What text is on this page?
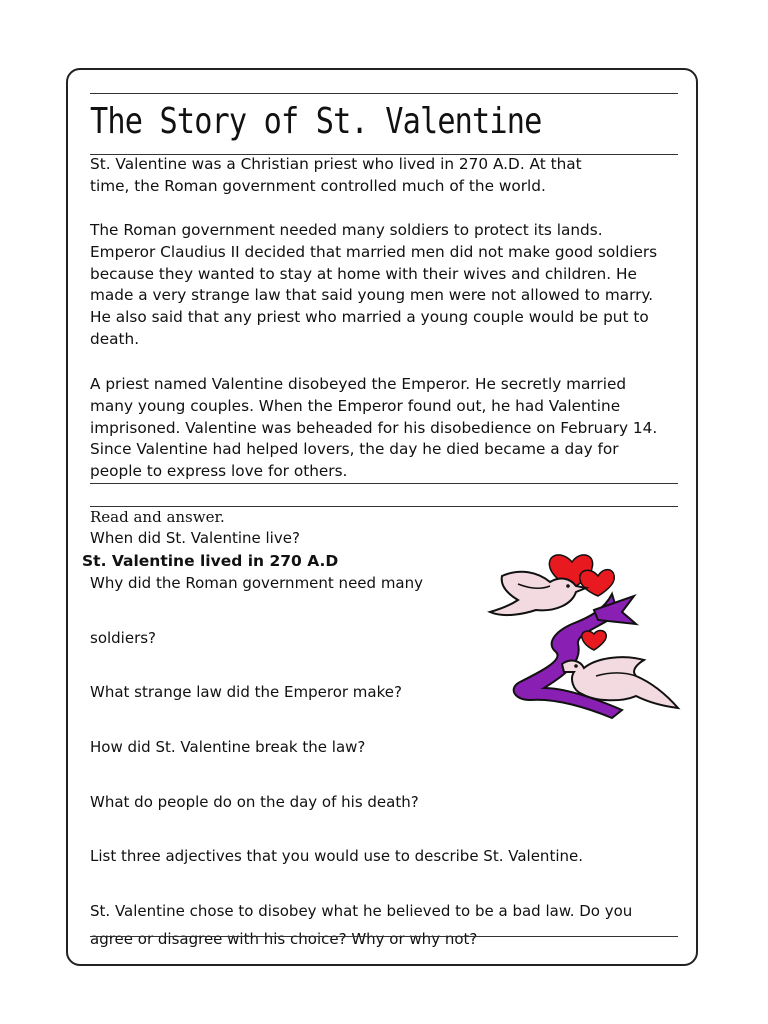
The Story of St. Valentine

St. Valentine was a Christian priest who lived in 270 A.D. At that
time, the Roman government controlled much of the world.

The Roman government needed many soldiers to protect its lands.
Emperor Claudius II decided that married men did not make good soldiers
because they wanted to stay at home with their wives and children. He
made a very strange law that said young men were not allowed to marry.
He also said that any priest who married a young couple would be put to
death.

A priest named Valentine disobeyed the Emperor. He secretly married
many young couples. When the Emperor found out, he had Valentine
imprisoned. Valentine was beheaded for his disobedience on February 14.
Since Valentine had helped lovers, the day he died became a day for
people to express love for others.

Read and answer.

When did St. Valentine live?

St. Valentine lived in 270 A.D

Why did the Roman government need many

soldiers?

What strange law did the Emperor make?

How did St. Valentine break the law?

What do people do on the day of his death?

List three adjectives that you would use to describe St. Valentine.

St. Valentine chose to disobey what he believed to be a bad law. Do you

agree or disagree with his choice? Why or why not?
